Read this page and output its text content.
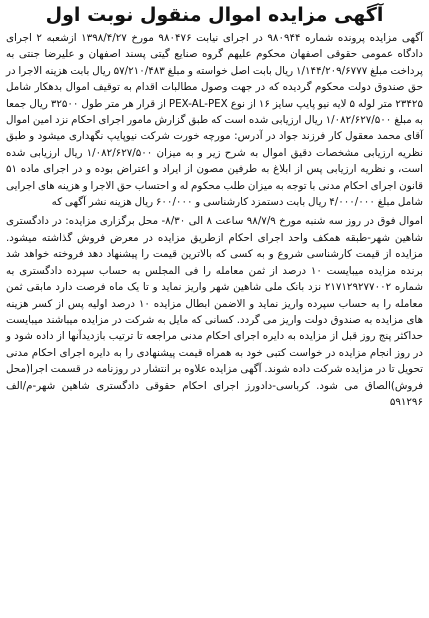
آگهی مزایده اموال منقول نوبت اول

آگهی مزایده پرونده شماره ۹۸۰۹۴۴ در اجرای نیابت ۹۸۰۴۷۶ مورخ ۱۳۹۸/۴/۲۷ ازشعبه ۲ اجرای دادگاه عمومی حقوقی اصفهان محکوم علیهم گروه صنایع گیتی پسند اصفهان و علیرضا جنتی به پرداخت مبلغ ۱/۱۴۴/۲۰۹/۶۷۷۷ ریال بابت اصل خواسته و مبلغ ۵۷/۲۱۰/۴۸۳ ریال بابت هزینه الاجرا در حق صندوق دولت محکوم گردیده که در جهت وصول مطالبات اقدام به توقیف اموال بدهکار شامل ۲۳۴۲۵ متر لوله ۵ لایه نیو پایپ سایز ۱۶ از نوع PEX-AL-PEX از قرار هر متر طول ۳۲۵۰۰ ریال جمعا به مبلغ ۱/۰۸۲/۶۲۷/۵۰۰ ریال ارزیابی شده است که طبق گزارش مامور اجرای احکام نزد امین اموال آقای محمد معقول کار فرزند جواد در آدرس: مورچه خورت شرکت نیوپایپ نگهداری میشود و طبق نظریه ارزیابی مشخصات دقیق اموال به شرح زیر و به میزان ۱/۰۸۲/۶۲۷/۵۰۰ ریال ارزیابی شده است، و نظریه ارزیابی پس از ابلاغ به طرفین مصون از ایراد و اعتراض بوده و در اجرای ماده ۵۱ قانون اجرای احکام مدنی با توجه به میزان طلب محکوم له و احتساب حق الاجرا و هزینه های اجرایی شامل مبلغ ۴/۰۰۰/۰۰۰ ریال بابت دستمزد کارشناسی و ۶۰۰/۰۰۰ ریال هزینه نشر آگهی که

اموال فوق در روز سه شنبه مورخ ۹۸/۷/۹ ساعت ۸ الی ۸/۳۰- محل برگزاری مزایده: در دادگستری شاهین شهر-طبقه همکف واحد اجرای احکام ازطریق مزایده در معرض فروش گذاشته میشود. مزایده از قیمت کارشناسی شروع و به کسی که بالاترین قیمت را پیشنهاد دهد فروخته خواهد شد برنده مزایده میبایست ۱۰ درصد از ثمن معامله را فی المجلس به حساب سپرده دادگستری به شماره ۲۱۷۱۲۹۲۷۷۰۰۲ نزد بانک ملی شاهین شهر واریز نماید و تا یک ماه فرصت دارد مابقی ثمن معامله را به حساب سپرده واریز نماید و الاضمن ابطال مزایده ۱۰ درصد اولیه پس از کسر هزینه های مزایده به صندوق دولت واریز می گردد. کسانی که مایل به شرکت در مزایده میباشند میبایست حداکثر پنج روز قبل از مزایده به دایره اجرای احکام مدنی مراجعه تا ترتیب بازدیدآنها از داده شود و در روز انجام مزایده در خواست کتبی خود به همراه قیمت پیشنهادی را به دایره اجرای احکام مدنی تحویل تا در مزایده شرکت داده شوند. آگهی مزایده علاوه بر انتشار در روزنامه در قسمت اجرا(محل فروش)الصاق می شود. کرباسی-دادورز اجرای احکام حقوقی دادگستری شاهین شهر-م/الف ۵۹۱۲۹۶
